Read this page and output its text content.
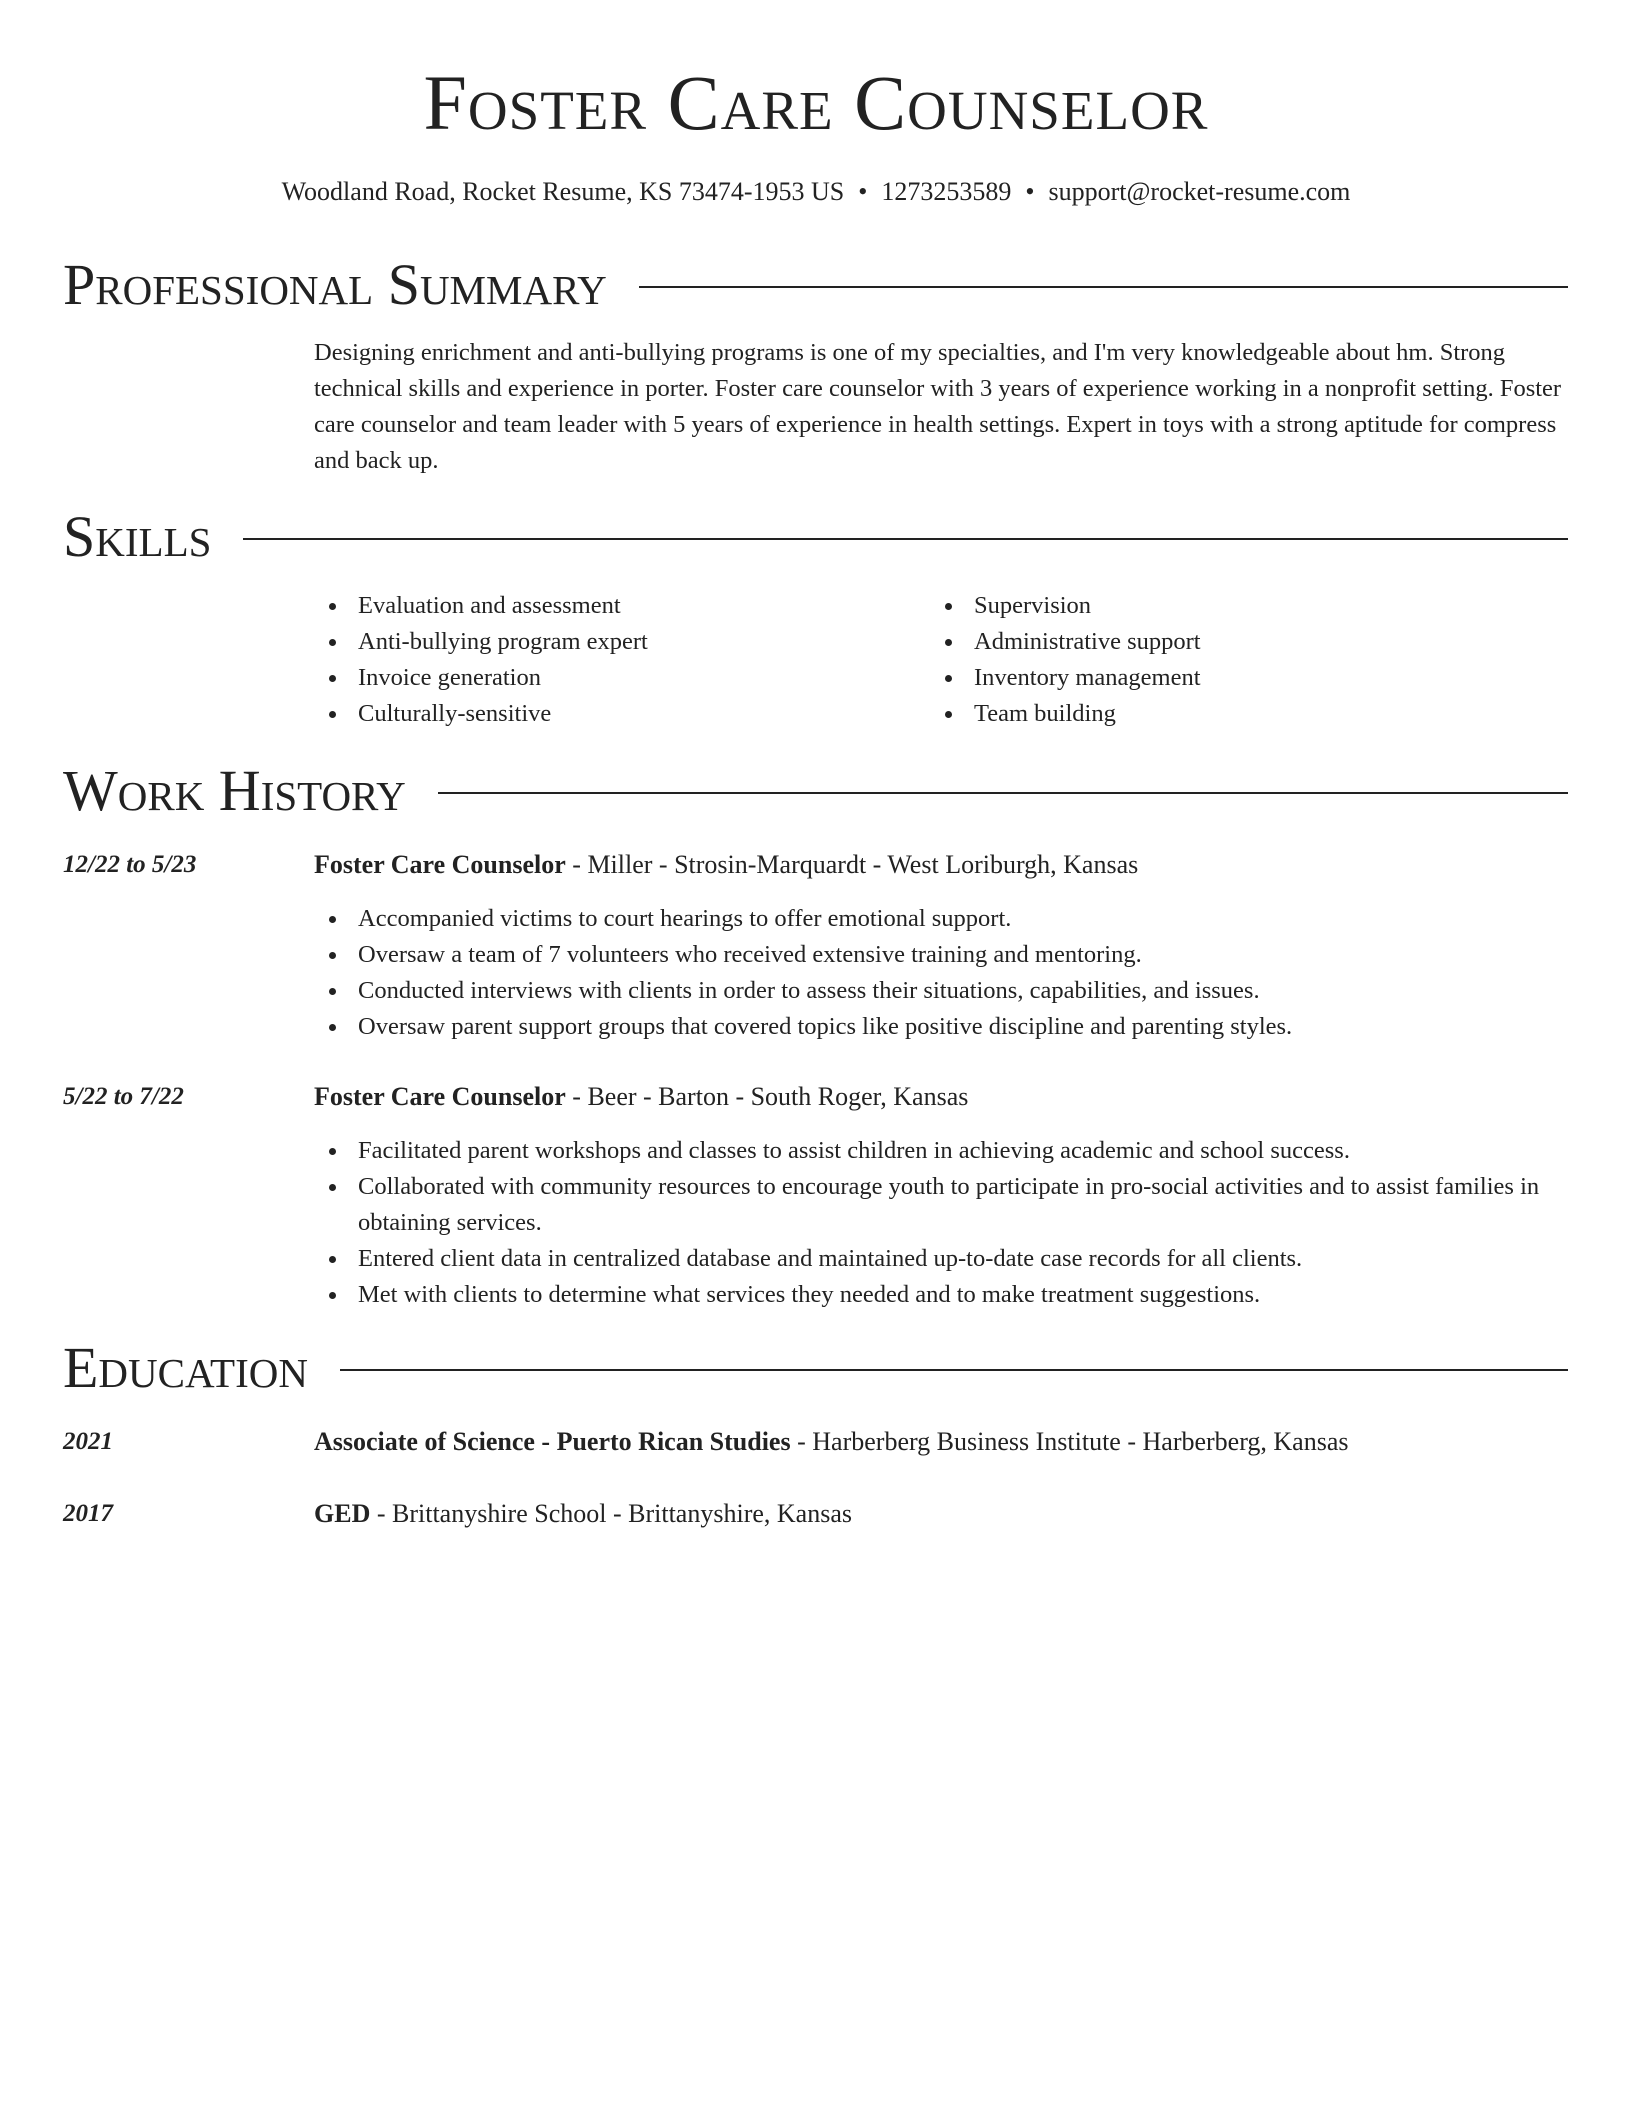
Foster Care Counselor
Woodland Road, Rocket Resume, KS 73474-1953 US • 1273253589 • support@rocket-resume.com
Professional Summary
Designing enrichment and anti-bullying programs is one of my specialties, and I'm very knowledgeable about hm. Strong technical skills and experience in porter. Foster care counselor with 3 years of experience working in a nonprofit setting. Foster care counselor and team leader with 5 years of experience in health settings. Expert in toys with a strong aptitude for compress and back up.
Skills
Evaluation and assessment
Anti-bullying program expert
Invoice generation
Culturally-sensitive
Supervision
Administrative support
Inventory management
Team building
Work History
12/22 to 5/23	Foster Care Counselor - Miller - Strosin-Marquardt - West Loriburgh, Kansas
Accompanied victims to court hearings to offer emotional support.
Oversaw a team of 7 volunteers who received extensive training and mentoring.
Conducted interviews with clients in order to assess their situations, capabilities, and issues.
Oversaw parent support groups that covered topics like positive discipline and parenting styles.
5/22 to 7/22	Foster Care Counselor - Beer - Barton - South Roger, Kansas
Facilitated parent workshops and classes to assist children in achieving academic and school success.
Collaborated with community resources to encourage youth to participate in pro-social activities and to assist families in obtaining services.
Entered client data in centralized database and maintained up-to-date case records for all clients.
Met with clients to determine what services they needed and to make treatment suggestions.
Education
2021	Associate of Science - Puerto Rican Studies - Harberberg Business Institute - Harberberg, Kansas
2017	GED - Brittanyshire School - Brittanyshire, Kansas
